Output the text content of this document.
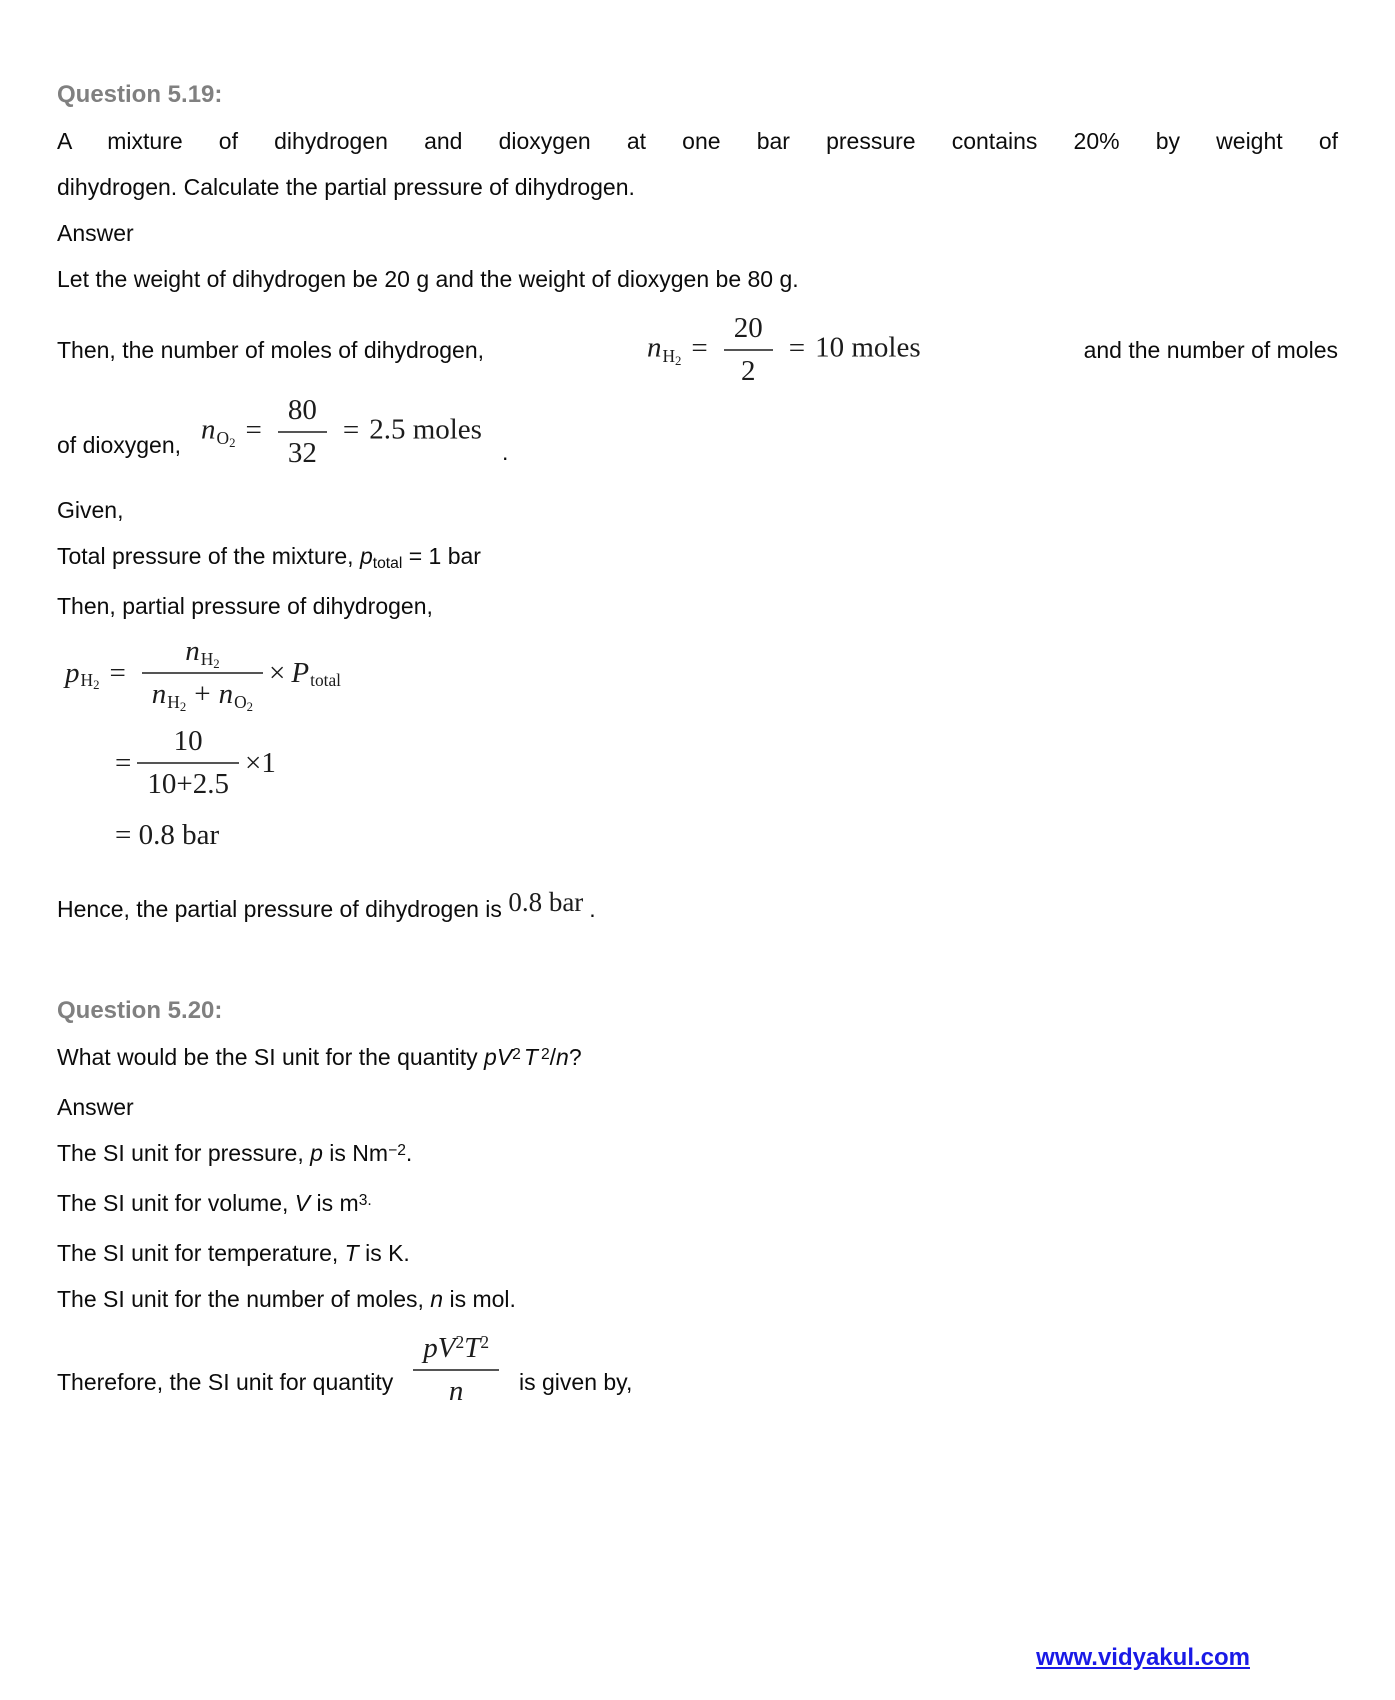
Question 5.19:

A mixture of dihydrogen and dioxygen at one bar pressure contains 20% by weight of

dihydrogen. Calculate the partial pressure of dihydrogen.

Answer

Let the weight of dihydrogen be 20 g and the weight of dioxygen be 80 g.

Then, the number of moles of dihydrogen,	$nH_2 = \frac{20}{2} = 10$ moles	and the number of moles
of dioxygen, $nO_2 = \frac{80}{32} = 2.5$ moles
.

Given,

Total pressure of the mixture, ptotal = 1 bar

Then, partial pressure of dihydrogen,

$pH_2 = \frac{nH_2}{nH_2 + nO_2}$ × Ptotal
= $\frac{10}{10+2.5} \times 1$
= 0.8 bar

Hence, the partial pressure of dihydrogen is 0.8 bar .

Question 5.20:

What would be the SI unit for the quantity $pV^2$ T $^2$/n?

Answer

The SI unit for pressure, p is $Nm^{-2}$.

The SI unit for volume, V is $m^{3.}$

The SI unit for temperature, T is K.

The SI unit for the number of moles, n is mol.

Therefore, the SI unit for quantity $\frac{pV^2T^2}{n}$ is given by,
www.vidyakul.com
